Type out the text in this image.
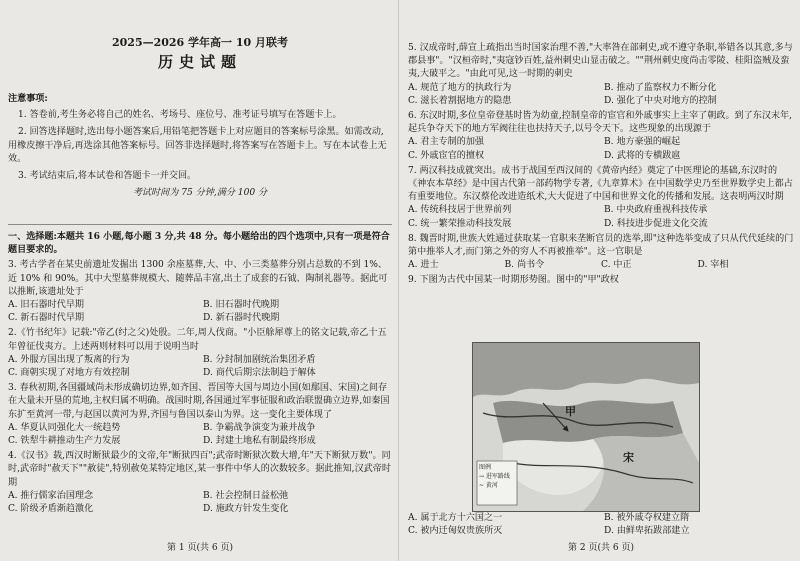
2025—2026 学年高一 10 月联考
历史试题

注意事项:

1. 答卷前,考生务必将自己的姓名、考场号、座位号、准考证号填写在答题卡上。

2. 回答选择题时,选出每小题答案后,用铅笔把答题卡上对应题目的答案标号涂黑。如需改动,用橡皮擦干净后,再选涂其他答案标号。回答非选择题时,将答案写在答题卡上。写在本试卷上无效。

3. 考试结束后,将本试卷和答题卡一并交回。

考试时间为 75 分钟,满分 100 分

一、选择题:本题共 16 小题,每小题 3 分,共 48 分。每小题给出的四个选项中,只有一项是符合题目要求的。

3. 考古学者在某史前遗址发掘出 1300 余座墓葬,大、中、小三类墓葬分别占总数的不到 1%、近 10% 和 90%。其中大型墓葬规模大、随葬品丰富,出土了成套的石钺、陶制礼器等。据此可以推断,该遗址处于

A. 旧石器时代早期	B. 旧石器时代晚期
C. 新石器时代早期	D. 新石器时代晚期

2.《竹书纪年》记载:"帝乙(纣之父)处殷。二年,周人伐商。"小臣艅犀尊上的铭文记载,帝乙十五年曾征伐夷方。上述两则材料可以用于说明当时

A. 外服方国出现了叛离的行为	B. 分封制加剧统治集团矛盾
C. 商朝实现了对地方有效控制	D. 商代后期宗法制趋于解体

3. 春秋初期,各国疆域尚未形成确切边界,如齐国、晋国等大国与周边小国(如鄢国、宋国)之间存在大量未开垦的荒地,主权归属不明确。战国时期,各国通过军事征服和政治联盟确立边界,如秦国东扩至黄河一带,与赵国以黄河为界,齐国与鲁国以泰山为界。这一变化主要体现了

A. 华夏认同强化大一统趋势	B. 争霸战争演变为兼并战争
C. 铁犁牛耕推动生产力发展	D. 封建土地私有制最终形成

4.《汉书》载,西汉时断狱最少的文帝,年"断狱四百";武帝时断狱次数大增,年"天下断狱万数"。同时,武帝时"赦天下""赦徒",特别赦免某特定地区,某一事件中华人的次数较多。据此推知,汉武帝时期

A. 推行儒家治国理念	B. 社会控制日益松弛
C. 阶级矛盾渐趋激化	D. 施政方针发生变化
第 1 页(共 6 页)

5. 汉成帝时,薛宣上疏指出当时国家治理不善,"大率咎在部刺史,或不遵守条职,举错各以其意,多与郡县事"。"汉桓帝时,"夷寇钞百姓,益州刺史山显击破之。""荆州刺史度尚击零陵、桂阳盗贼及蛮夷,大破平之。"由此可见,这一时期的刺史

A. 规范了地方的执政行为	B. 推动了监察权力不断分化
C. 滋长着割据地方的隐患	D. 强化了中央对地方的控制

6. 东汉时期,多位皇帝登基时皆为幼童,控制皇帝的宦官和外戚事实上主宰了朝政。到了东汉末年,起兵争夺天下的地方军阀往往也扶持天子,以号令天下。这些现象的出现源于

A. 君主专制的加强	B. 地方豪强的崛起
C. 外戚宦官的擅权	D. 武将的专横跋扈

7. 两汉科技成就突出。成书于战国至西汉间的《黄帝内经》奠定了中医理论的基础,东汉时的《神农本草经》是中国古代第一部药物学专著,《九章算术》在中国数学史乃至世界数学史上都占有重要地位。东汉蔡伦改进造纸术,大大促进了中国和世界文化的传播和发展。这表明两汉时期

A. 传统科技居于世界前列	B. 中央政府重视科技传承
C. 统一繁荣推动科技发展	D. 科技进步促进文化交流

8. 魏晋时期,世族大姓通过获取某一官职来垄断官员的选举,即"这种选举变成了只从代代延续的门第中推举人才,而门第之外的穷人不再被推举"。这一官职是

A. 进士	B. 尚书令	C. 中正	D. 宰相

9. 下图为古代中国某一时期形势图。图中的"甲"政权

A. 属于北方十六国之一	B. 被外戚夺权建立隋
C. 被内迁匈奴贵族所灭	D. 由鲜卑拓跋部建立
第 2 页(共 6 页)
甲
宋
图例
→ 进军路线
~ 黄河
